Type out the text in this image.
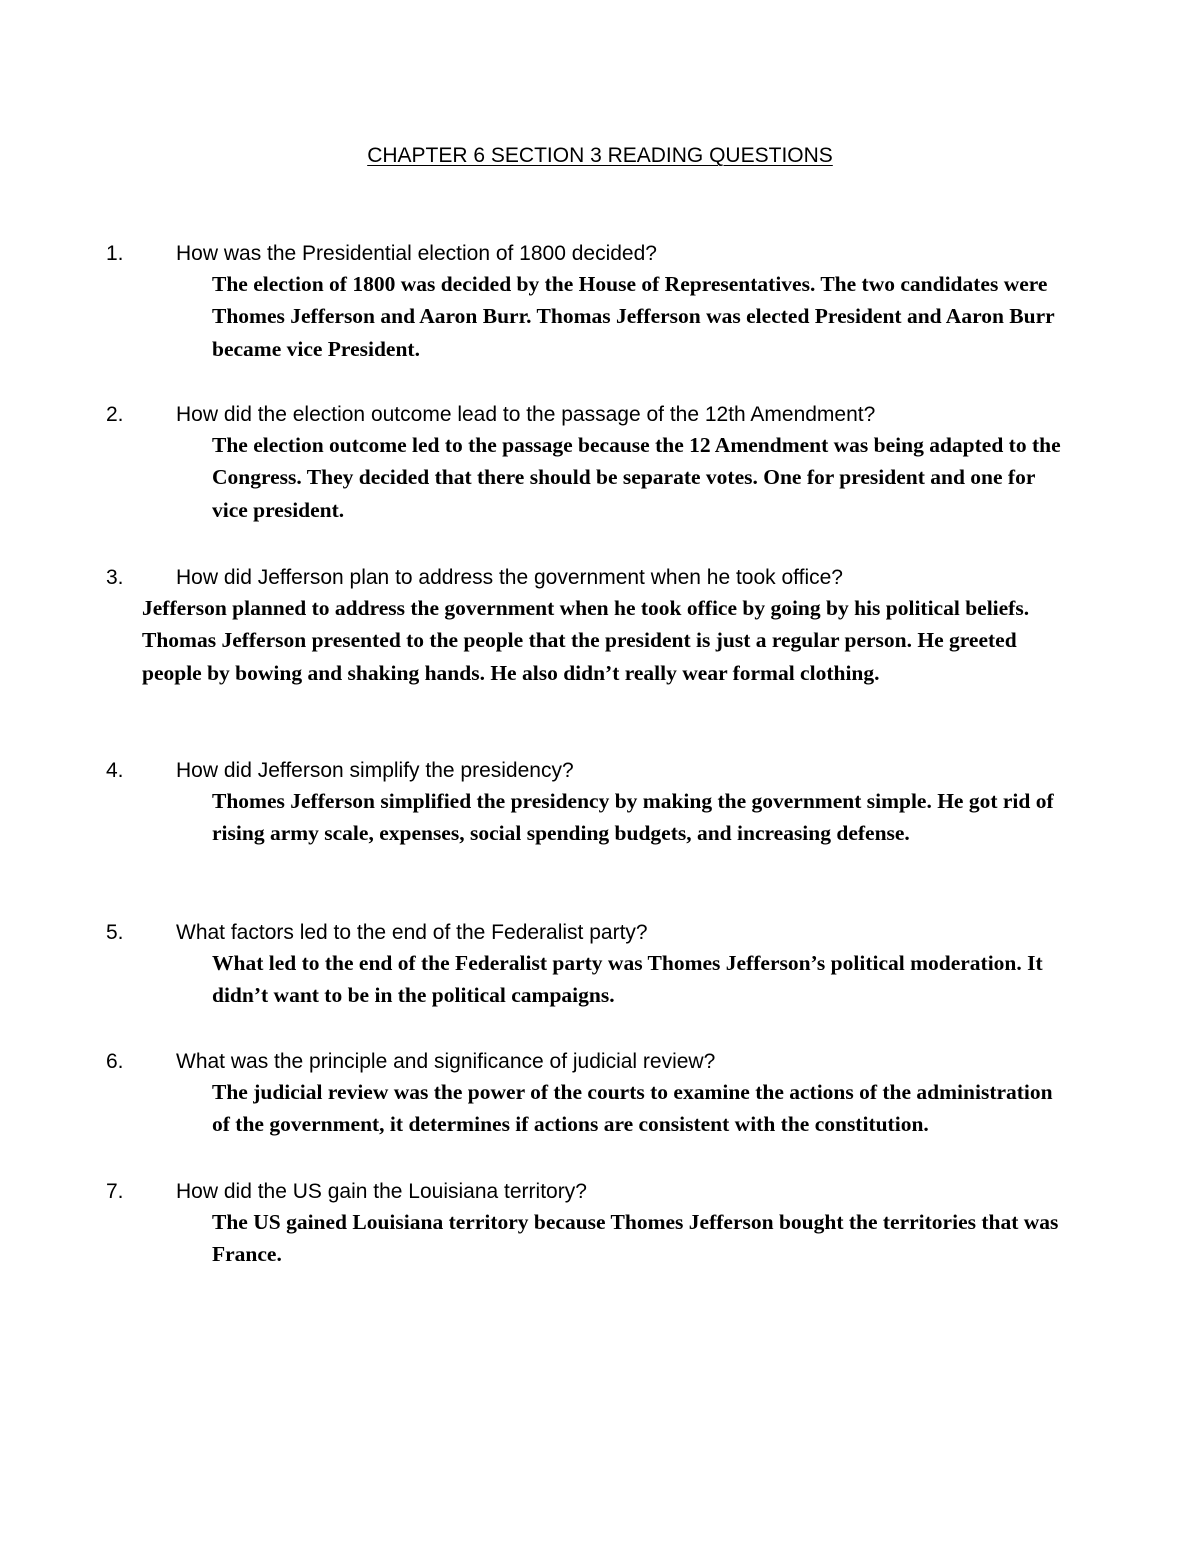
CHAPTER 6 SECTION 3 READING QUESTIONS
1. How was the Presidential election of 1800 decided?
The election of 1800 was decided by the House of Representatives. The two candidates were Thomes Jefferson and Aaron Burr. Thomas Jefferson was elected President and Aaron Burr became vice President.
2. How did the election outcome lead to the passage of the 12th Amendment?
The election outcome led to the passage because the 12 Amendment was being adapted to the Congress. They decided that there should be separate votes. One for president and one for vice president.
3. How did Jefferson plan to address the government when he took office?
Jefferson planned to address the government when he took office by going by his political beliefs. Thomas Jefferson presented to the people that the president is just a regular person. He greeted people by bowing and shaking hands. He also didn’t really wear formal clothing.
4. How did Jefferson simplify the presidency?
Thomes Jefferson simplified the presidency by making the government simple. He got rid of rising army scale, expenses, social spending budgets, and increasing defense.
5. What factors led to the end of the Federalist party?
What led to the end of the Federalist party was Thomes Jefferson’s political moderation. It didn’t want to be in the political campaigns.
6. What was the principle and significance of judicial review?
The judicial review was the power of the courts to examine the actions of the administration of the government, it determines if actions are consistent with the constitution.
7. How did the US gain the Louisiana territory?
The US gained Louisiana territory because Thomes Jefferson bought the territories that was France.
